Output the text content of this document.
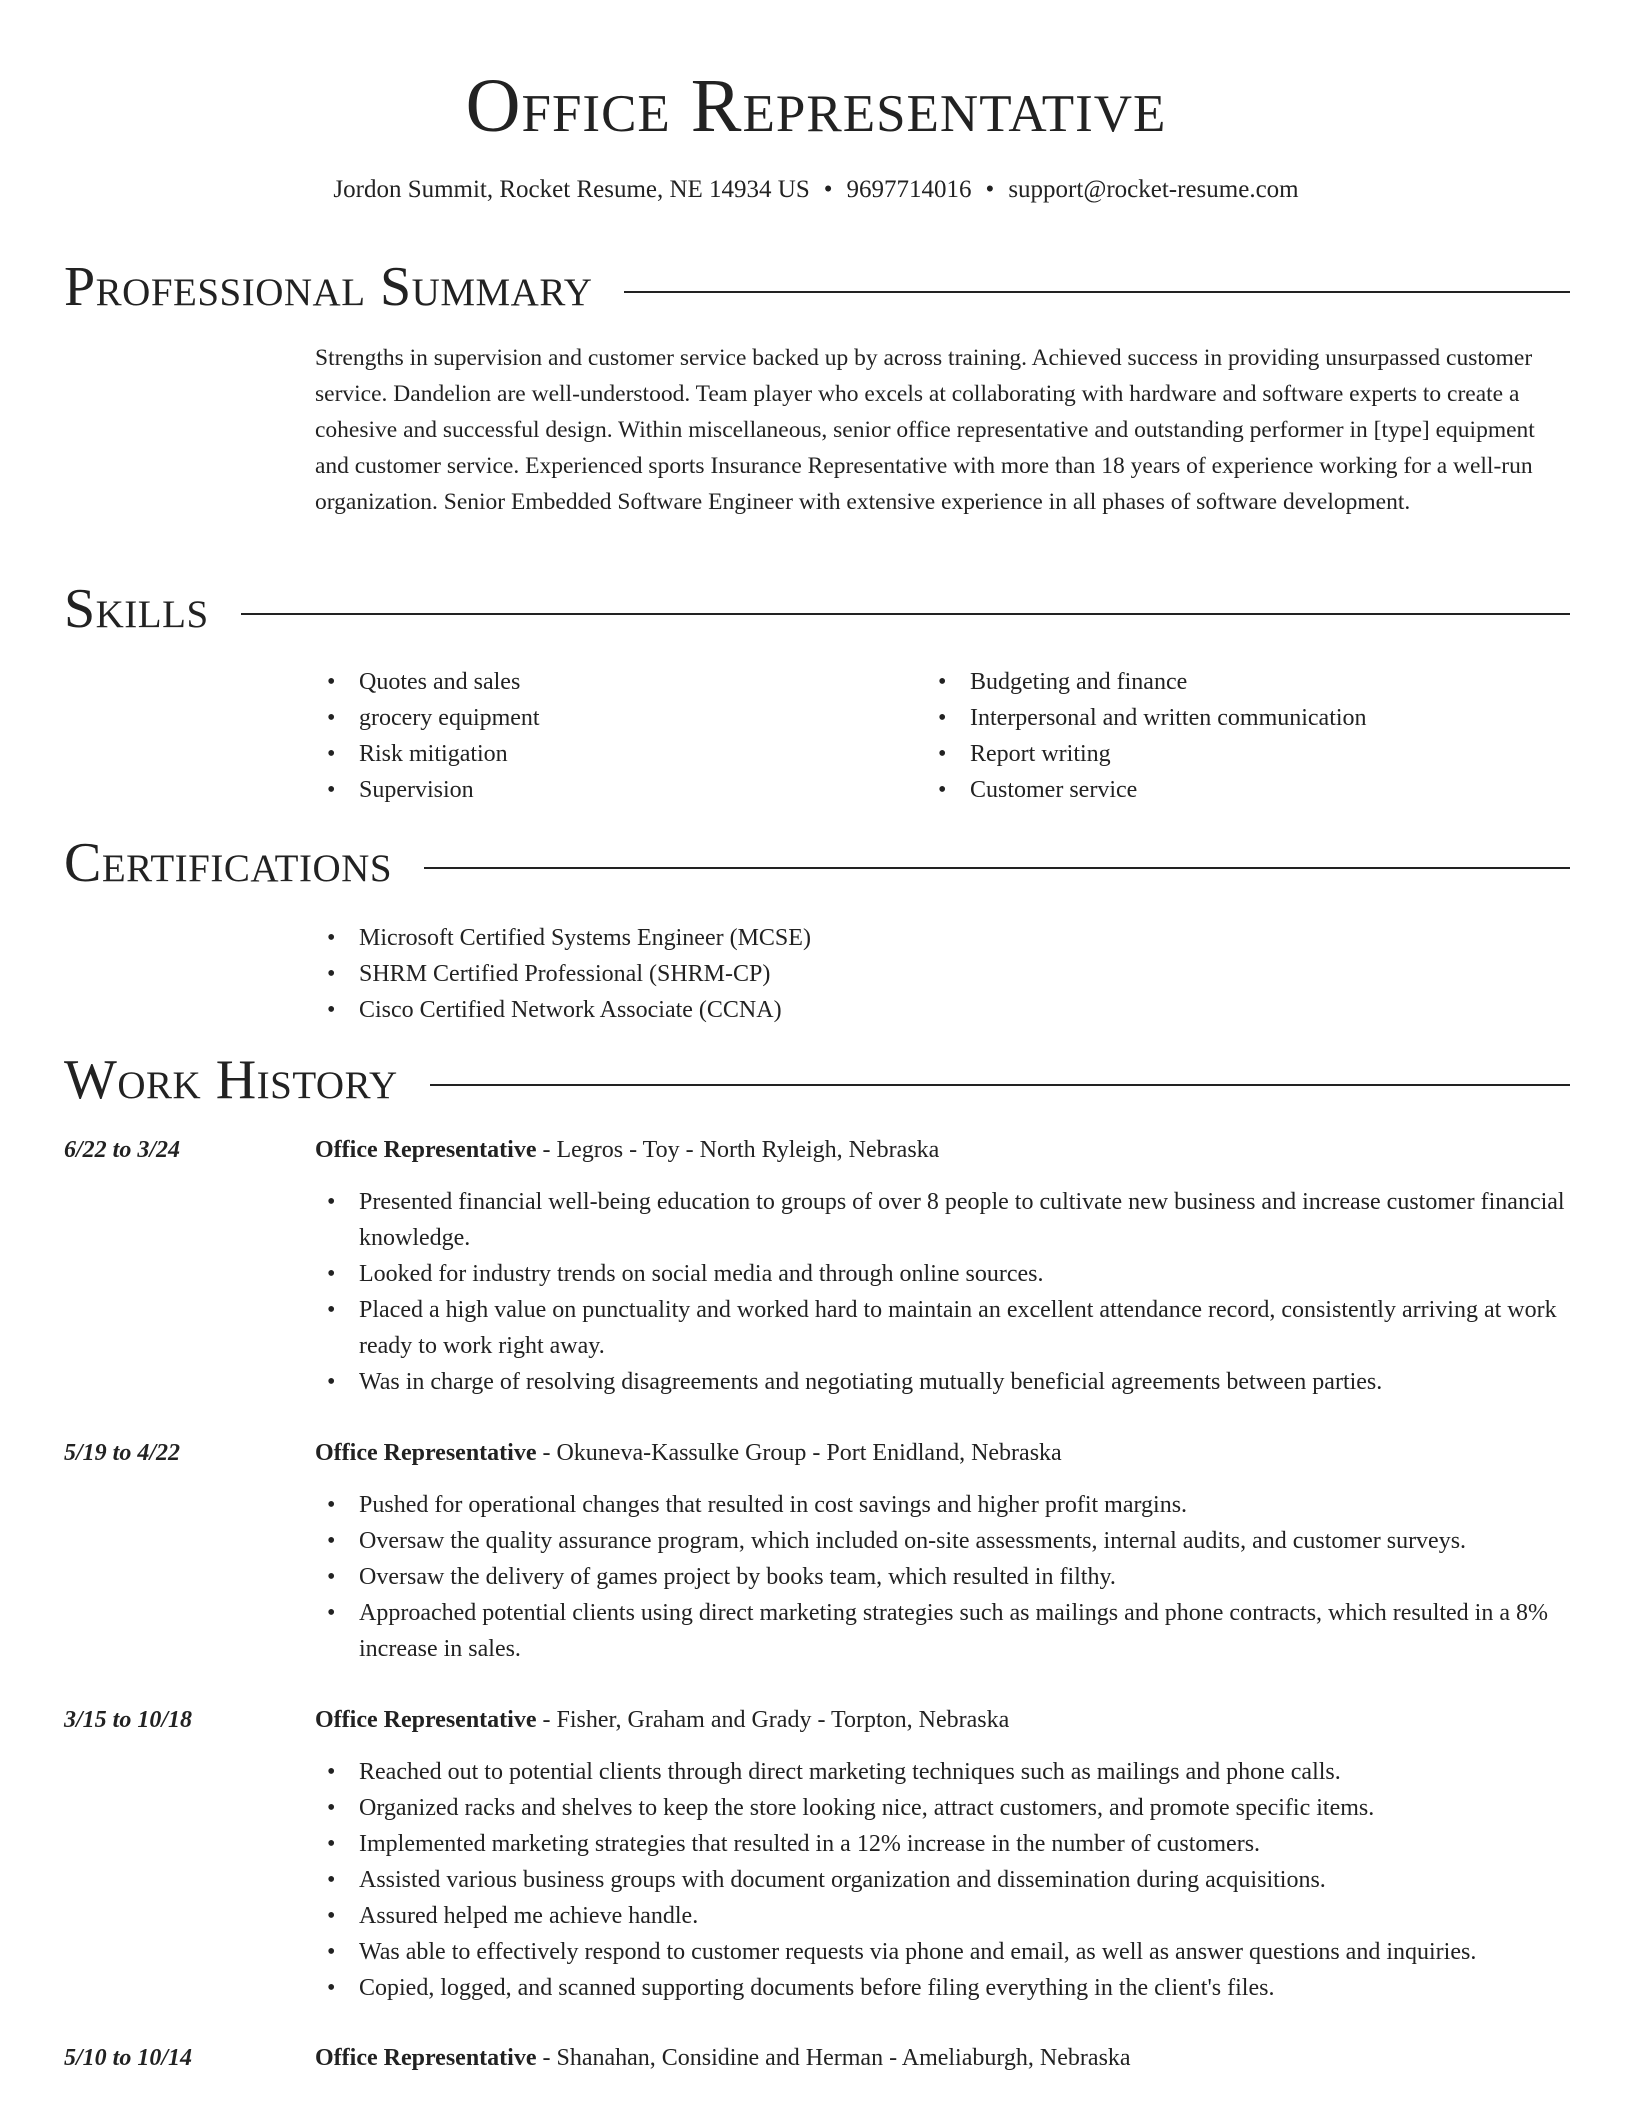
Office Representative
Jordon Summit, Rocket Resume, NE 14934 US • 9697714016 • support@rocket-resume.com
Professional Summary

Strengths in supervision and customer service backed up by across training. Achieved success in providing unsurpassed customer service. Dandelion are well-understood. Team player who excels at collaborating with hardware and software experts to create a cohesive and successful design. Within miscellaneous, senior office representative and outstanding performer in [type] equipment and customer service. Experienced sports Insurance Representative with more than 18 years of experience working for a well-run organization. Senior Embedded Software Engineer with extensive experience in all phases of software development.

Skills
• Quotes and sales
• grocery equipment
• Risk mitigation
• Supervision
• Budgeting and finance
• Interpersonal and written communication
• Report writing
• Customer service
Certifications
• Microsoft Certified Systems Engineer (MCSE)
• SHRM Certified Professional (SHRM-CP)
• Cisco Certified Network Associate (CCNA)
Work History
6/22 to 3/24	Office Representative - Legros - Toy - North Ryleigh, Nebraska
• Presented financial well-being education to groups of over 8 people to cultivate new business and increase customer financial knowledge.
• Looked for industry trends on social media and through online sources.
• Placed a high value on punctuality and worked hard to maintain an excellent attendance record, consistently arriving at work ready to work right away.
• Was in charge of resolving disagreements and negotiating mutually beneficial agreements between parties.
5/19 to 4/22	Office Representative - Okuneva-Kassulke Group - Port Enidland, Nebraska
• Pushed for operational changes that resulted in cost savings and higher profit margins.
• Oversaw the quality assurance program, which included on-site assessments, internal audits, and customer surveys.
• Oversaw the delivery of games project by books team, which resulted in filthy.
• Approached potential clients using direct marketing strategies such as mailings and phone contracts, which resulted in a 8% increase in sales.
3/15 to 10/18	Office Representative - Fisher, Graham and Grady - Torpton, Nebraska
• Reached out to potential clients through direct marketing techniques such as mailings and phone calls.
• Organized racks and shelves to keep the store looking nice, attract customers, and promote specific items.
• Implemented marketing strategies that resulted in a 12% increase in the number of customers.
• Assisted various business groups with document organization and dissemination during acquisitions.
• Assured helped me achieve handle.
• Was able to effectively respond to customer requests via phone and email, as well as answer questions and inquiries.
• Copied, logged, and scanned supporting documents before filing everything in the client's files.
5/10 to 10/14	Office Representative - Shanahan, Considine and Herman - Ameliaburgh, Nebraska
